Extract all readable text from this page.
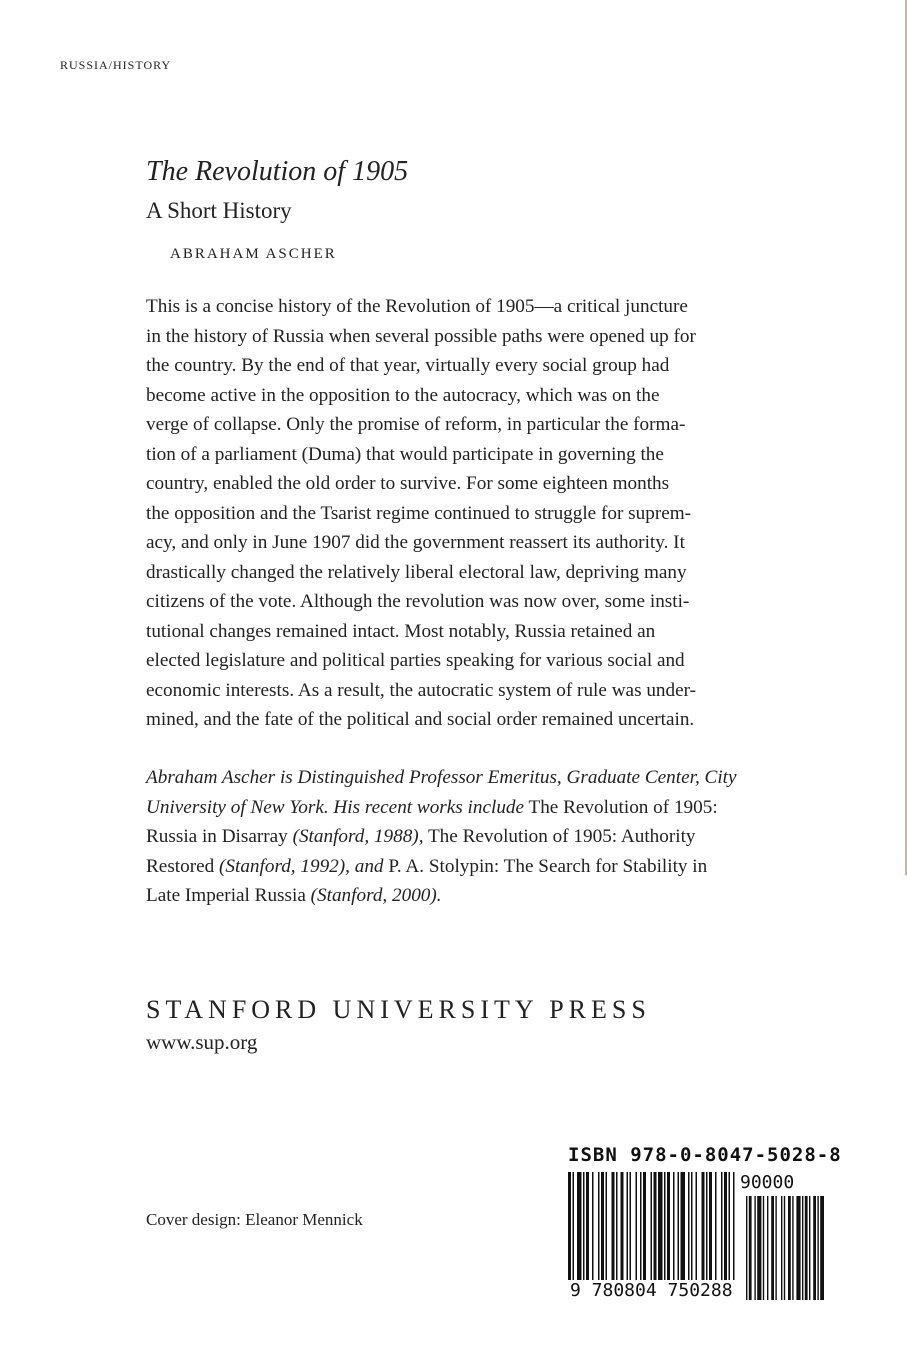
RUSSIA/HISTORY
The Revolution of 1905
A Short History
ABRAHAM ASCHER
This is a concise history of the Revolution of 1905—a critical juncture
in the history of Russia when several possible paths were opened up for
the country. By the end of that year, virtually every social group had
become active in the opposition to the autocracy, which was on the
verge of collapse. Only the promise of reform, in particular the forma-
tion of a parliament (Duma) that would participate in governing the
country, enabled the old order to survive. For some eighteen months
the opposition and the Tsarist regime continued to struggle for suprem-
acy, and only in June 1907 did the government reassert its authority. It
drastically changed the relatively liberal electoral law, depriving many
citizens of the vote. Although the revolution was now over, some insti-
tutional changes remained intact. Most notably, Russia retained an
elected legislature and political parties speaking for various social and
economic interests. As a result, the autocratic system of rule was under-
mined, and the fate of the political and social order remained uncertain.
Abraham Ascher is Distinguished Professor Emeritus, Graduate Center, City
University of New York. His recent works include The Revolution of 1905:
Russia in Disarray (Stanford, 1988), The Revolution of 1905: Authority
Restored (Stanford, 1992), and P. A. Stolypin: The Search for Stability in
Late Imperial Russia (Stanford, 2000).
STANFORD UNIVERSITY PRESS
www.sup.org
Cover design: Eleanor Mennick
ISBN 978-0-8047-5028-8
90000
9 780804 750288
